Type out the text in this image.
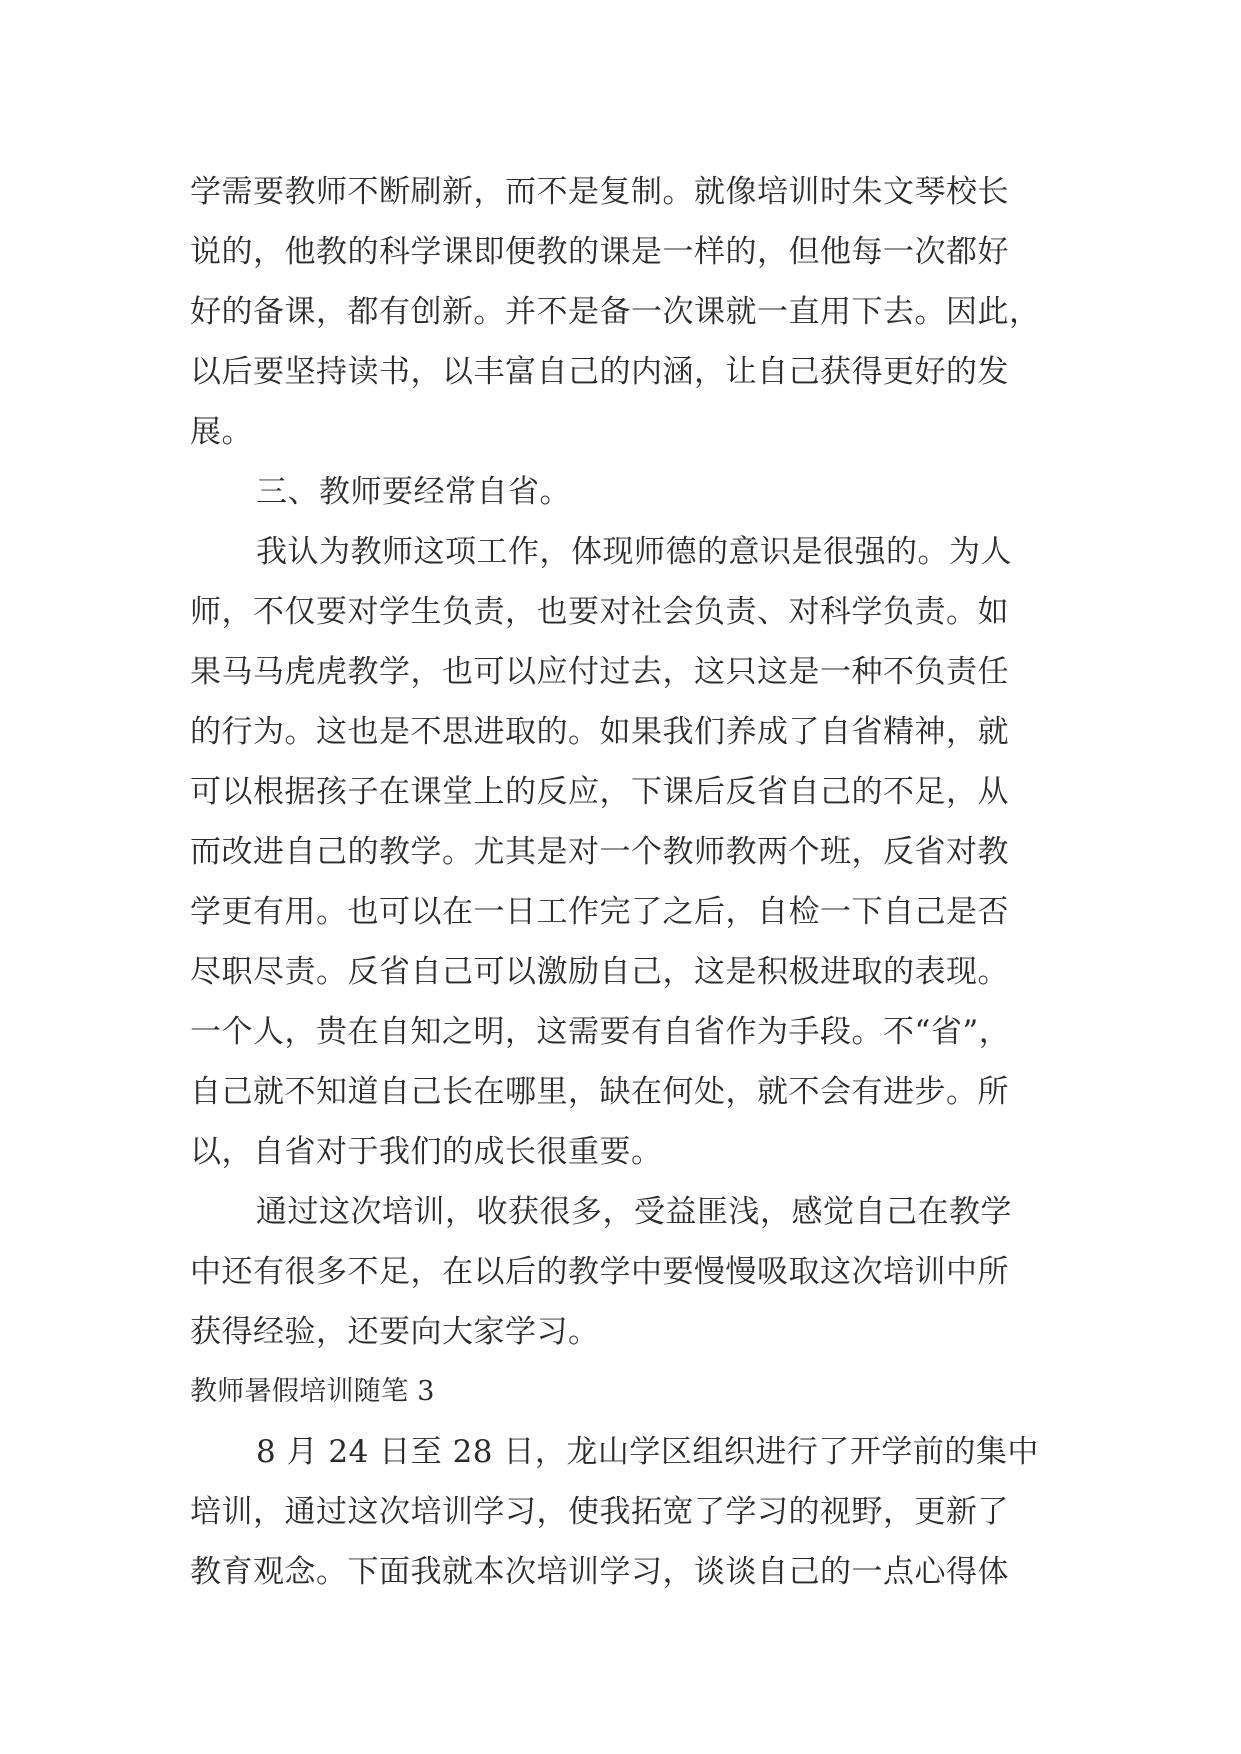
学需要教师不断刷新，而不是复制。就像培训时朱文琴校长
说的，他教的科学课即便教的课是一样的，但他每一次都好
好的备课，都有创新。并不是备一次课就一直用下去。因此，
以后要坚持读书，以丰富自己的内涵，让自己获得更好的发
展。
三、教师要经常自省。
我认为教师这项工作，体现师德的意识是很强的。为人
师，不仅要对学生负责，也要对社会负责、对科学负责。如
果马马虎虎教学，也可以应付过去，这只这是一种不负责任
的行为。这也是不思进取的。如果我们养成了自省精神，就
可以根据孩子在课堂上的反应，下课后反省自己的不足，从
而改进自己的教学。尤其是对一个教师教两个班，反省对教
学更有用。也可以在一日工作完了之后，自检一下自己是否
尽职尽责。反省自己可以激励自己，这是积极进取的表现。
一个人，贵在自知之明，这需要有自省作为手段。不“省”，
自己就不知道自己长在哪里，缺在何处，就不会有进步。所
以，自省对于我们的成长很重要。
通过这次培训，收获很多，受益匪浅，感觉自己在教学
中还有很多不足，在以后的教学中要慢慢吸取这次培训中所
获得经验，还要向大家学习。
教师暑假培训随笔 3
8 月 24 日至 28 日，龙山学区组织进行了开学前的集中
培训，通过这次培训学习，使我拓宽了学习的视野，更新了
教育观念。下面我就本次培训学习，谈谈自己的一点心得体
